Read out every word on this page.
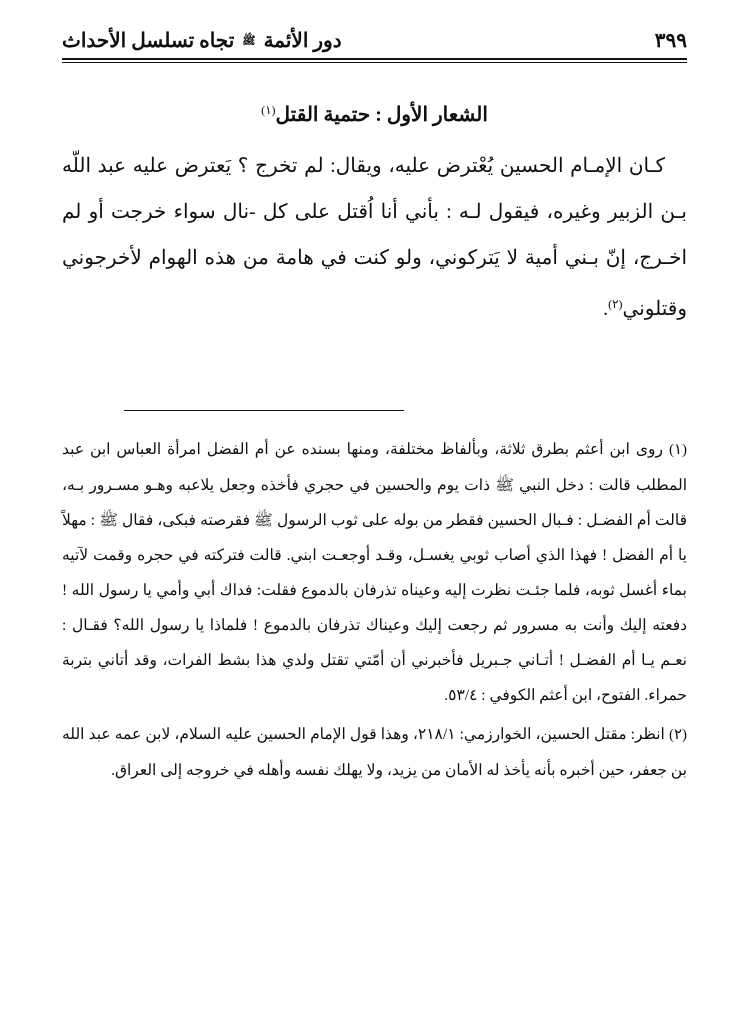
دور الأئمة ﷺ تجاه تسلسل الأحداث	٣٩٩
الشعار الأول : حتمية القتل$^{(١)}$

كـان الإمـام الحسين يُعْترض عليه، ويقال: لم تخرج ؟ يَعترض عليه عبد اللّه بـن الزبير وغيره، فيقول لـه : بأني أنا اُقتل على كل -نال سواء خرجت أو لم اخـرج، إنّ بـني أمية لا يَتركوني، ولو كنت في هامة من هذه الهوام لأخرجوني وقتلوني$^{(٢)}$.

(١) روى ابن أعثم بطرق ثلاثة، وبألفاظ مختلفة، ومنها بسنده عن أم الفضل امرأة العباس ابن عبد المطلب قالت : دخل النبي ﷺ ذات يوم والحسين في حجري فأخذه وجعل يلاعبه وهـو مسـرور بـه، قالت أم الفضـل : فـبال الحسين فقطر من بوله على ثوب الرسول ﷺ فقرصته فبكى، فقال ﷺ : مهلاً يا أم الفضل ! فهذا الذي أصاب ثوبي يغسـل، وقـد أوجعـت ابني. قالت فتركته في حجره وقمت لآتيه بماء أغسل ثوبه، فلما جئـت نظرت إليه وعيناه تذرفان بالدموع فقلت: فداك أبي وأمي يا رسول الله ! دفعته إليك وأنت به مسرور ثم رجعت إليك وعيناك تذرفان بالدموع ! فلماذا يا رسول الله؟ فقـال : نعـم يـا أم الفضـل ! أتـاني جـبريل فأخبرني أن أمّتي تقتل ولدي هذا بشط الفرات، وقد أتاني بتربة حمراء. الفتوح، ابن أعثم الكوفي : ٥٣/٤.

(٢) انظر: مقتل الحسين، الخوارزمي: ٢١٨/١، وهذا قول الإمام الحسين عليه السلام، لابن عمه عبد الله بن جعفر، حين أخبره بأنه يأخذ له الأمان من يزيد، ولا يهلك نفسه وأهله في خروجه إلى العراق.
